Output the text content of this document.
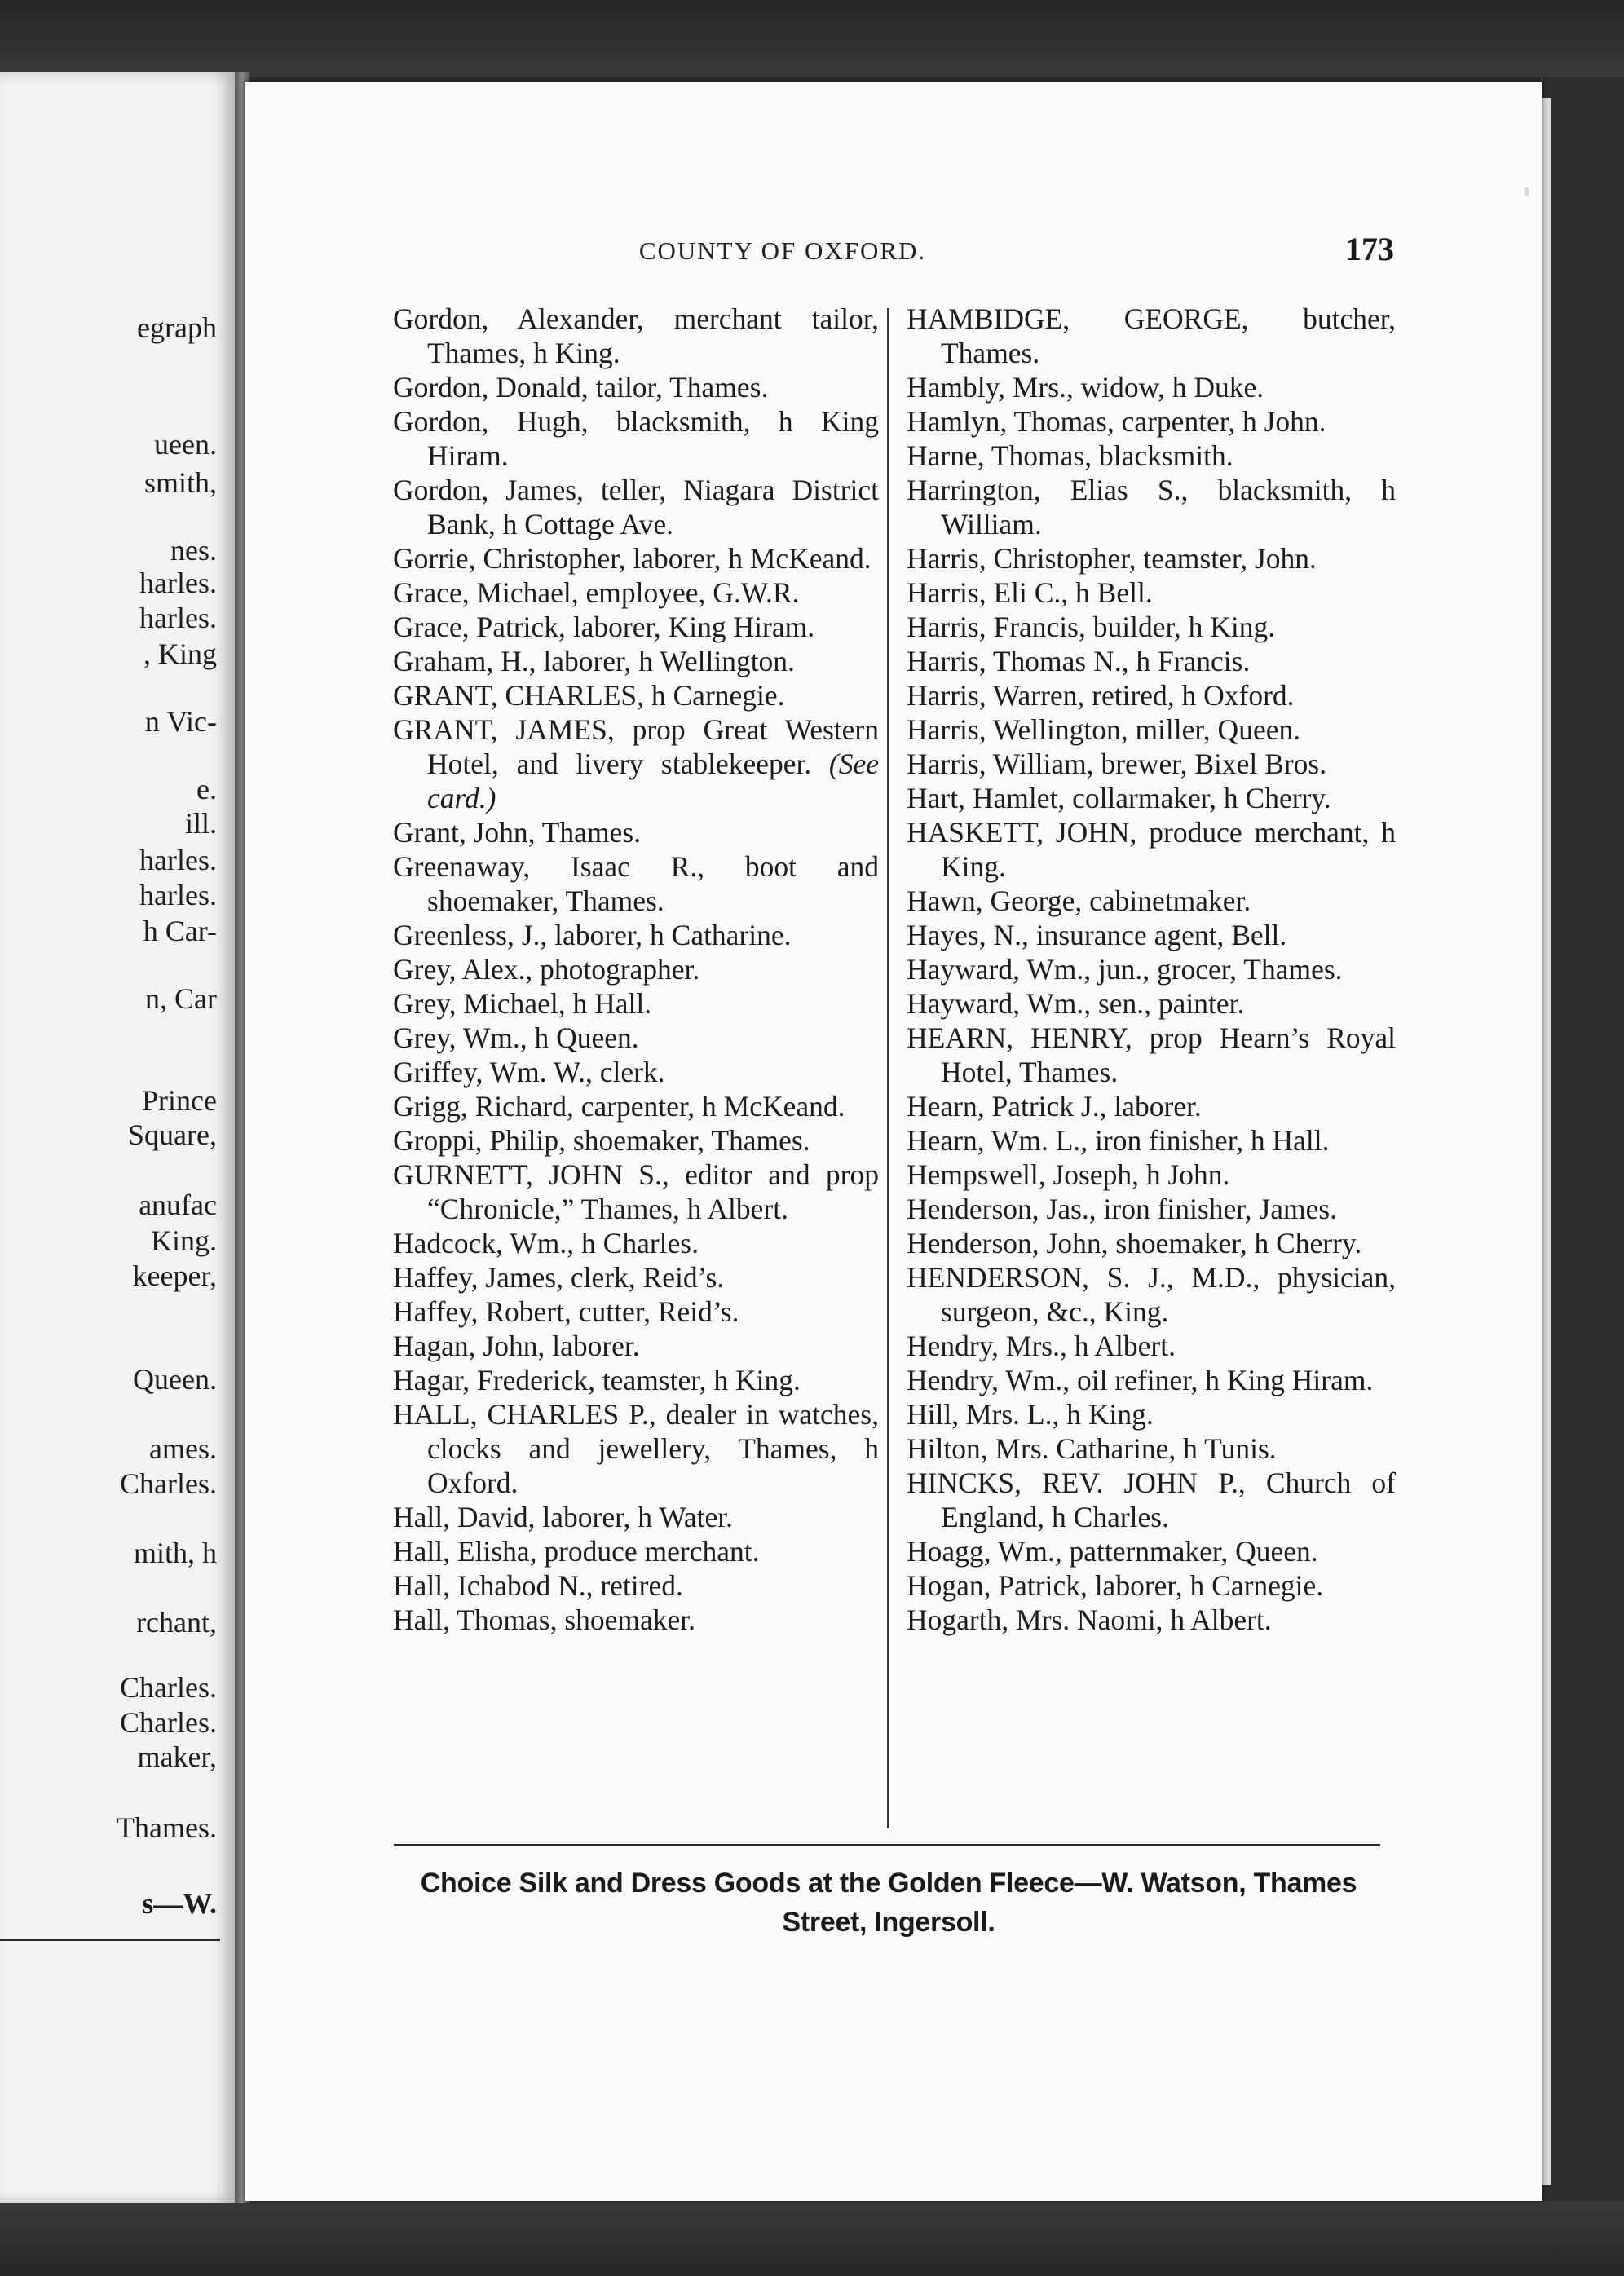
egraph
ueen.
smith,
nes.
harles.
harles.
, King
n Vic-
e.
ill.
harles.
harles.
h Car-
n, Car
Prince
Square,
anufac
King.
keeper,
Queen.
ames.
Charles.
mith, h
rchant,
Charles.
Charles.
maker,
Thames.
s—W.
COUNTY OF OXFORD.	173

Gordon, Alexander, merchant tailor, Thames, h King.

Gordon, Donald, tailor, Thames.

Gordon, Hugh, blacksmith, h King Hiram.

Gordon, James, teller, Niagara District Bank, h Cottage Ave.

Gorrie, Christopher, laborer, h McKeand.

Grace, Michael, employee, G.W.R.

Grace, Patrick, laborer, King Hiram.

Graham, H., laborer, h Wellington.

GRANT, CHARLES, h Carnegie.

GRANT, JAMES, prop Great Western Hotel, and livery stablekeeper. (See card.)

Grant, John, Thames.

Greenaway, Isaac R., boot and shoemaker, Thames.

Greenless, J., laborer, h Catharine.

Grey, Alex., photographer.

Grey, Michael, h Hall.

Grey, Wm., h Queen.

Griffey, Wm. W., clerk.

Grigg, Richard, carpenter, h McKeand.

Groppi, Philip, shoemaker, Thames.

GURNETT, JOHN S., editor and prop “Chronicle,” Thames, h Albert.

Hadcock, Wm., h Charles.

Haffey, James, clerk, Reid’s.

Haffey, Robert, cutter, Reid’s.

Hagan, John, laborer.

Hagar, Frederick, teamster, h King.

HALL, CHARLES P., dealer in watches, clocks and jewellery, Thames, h Oxford.

Hall, David, laborer, h Water.

Hall, Elisha, produce merchant.

Hall, Ichabod N., retired.

Hall, Thomas, shoemaker.

HAMBIDGE, GEORGE, butcher, Thames.

Hambly, Mrs., widow, h Duke.

Hamlyn, Thomas, carpenter, h John.

Harne, Thomas, blacksmith.

Harrington, Elias S., blacksmith, h William.

Harris, Christopher, teamster, John.

Harris, Eli C., h Bell.

Harris, Francis, builder, h King.

Harris, Thomas N., h Francis.

Harris, Warren, retired, h Oxford.

Harris, Wellington, miller, Queen.

Harris, William, brewer, Bixel Bros.

Hart, Hamlet, collarmaker, h Cherry.

HASKETT, JOHN, produce merchant, h King.

Hawn, George, cabinetmaker.

Hayes, N., insurance agent, Bell.

Hayward, Wm., jun., grocer, Thames.

Hayward, Wm., sen., painter.

HEARN, HENRY, prop Hearn’s Royal Hotel, Thames.

Hearn, Patrick J., laborer.

Hearn, Wm. L., iron finisher, h Hall.

Hempswell, Joseph, h John.

Henderson, Jas., iron finisher, James.

Henderson, John, shoemaker, h Cherry.

HENDERSON, S. J., M.D., physician, surgeon, &c., King.

Hendry, Mrs., h Albert.

Hendry, Wm., oil refiner, h King Hiram.

Hill, Mrs. L., h King.

Hilton, Mrs. Catharine, h Tunis.

HINCKS, REV. JOHN P., Church of England, h Charles.

Hoagg, Wm., patternmaker, Queen.

Hogan, Patrick, laborer, h Carnegie.

Hogarth, Mrs. Naomi, h Albert.

Choice Silk and Dress Goods at the Golden Fleece—W. Watson, Thames Street, Ingersoll.
